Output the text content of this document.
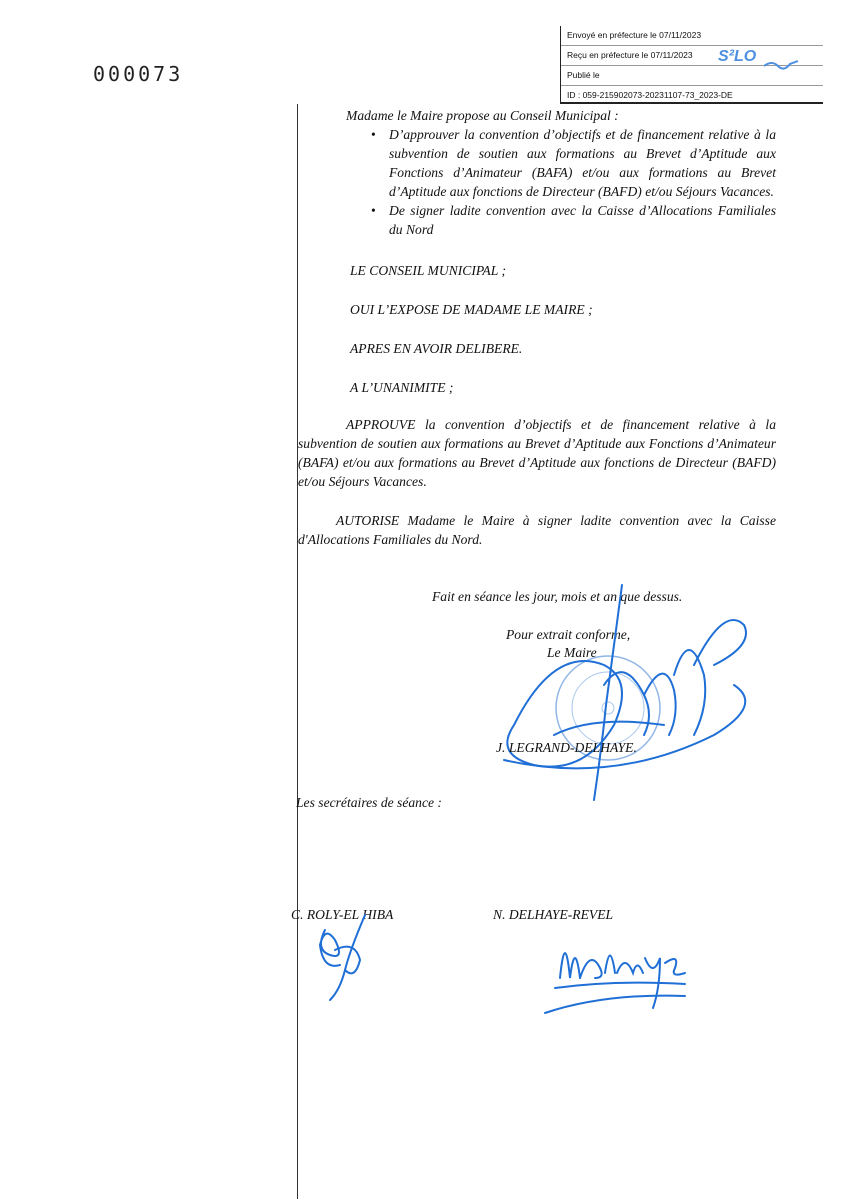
000073
Envoyé en préfecture le 07/11/2023
Reçu en préfecture le 07/11/2023
Publié le
ID : 059-215902073-20231107-73_2023-DE
S²LO
Madame le Maire propose au Conseil Municipal :
• D’approuver la convention d’objectifs et de financement relative à la subvention de soutien aux formations au Brevet d’Aptitude aux Fonctions d’Animateur (BAFA) et/ou aux formations au Brevet d’Aptitude aux fonctions de Directeur (BAFD) et/ou Séjours Vacances.
• De signer ladite convention avec la Caisse d’Allocations Familiales du Nord
LE CONSEIL MUNICIPAL ;
OUI L’EXPOSE DE MADAME LE MAIRE ;
APRES EN AVOIR DELIBERE.
A L’UNANIMITE ;
APPROUVE la convention d’objectifs et de financement relative à la subvention de soutien aux formations au Brevet d’Aptitude aux Fonctions d’Animateur (BAFA) et/ou aux formations au Brevet d’Aptitude aux fonctions de Directeur (BAFD) et/ou Séjours Vacances.
AUTORISE Madame le Maire à signer ladite convention avec la Caisse d'Allocations Familiales du Nord.
Fait en séance les jour, mois et an que dessus.
Pour extrait conforme,
Le Maire
J. LEGRAND-DELHAYE.
Les secrétaires de séance :
C. ROLY-EL HIBA	N. DELHAYE-REVEL
